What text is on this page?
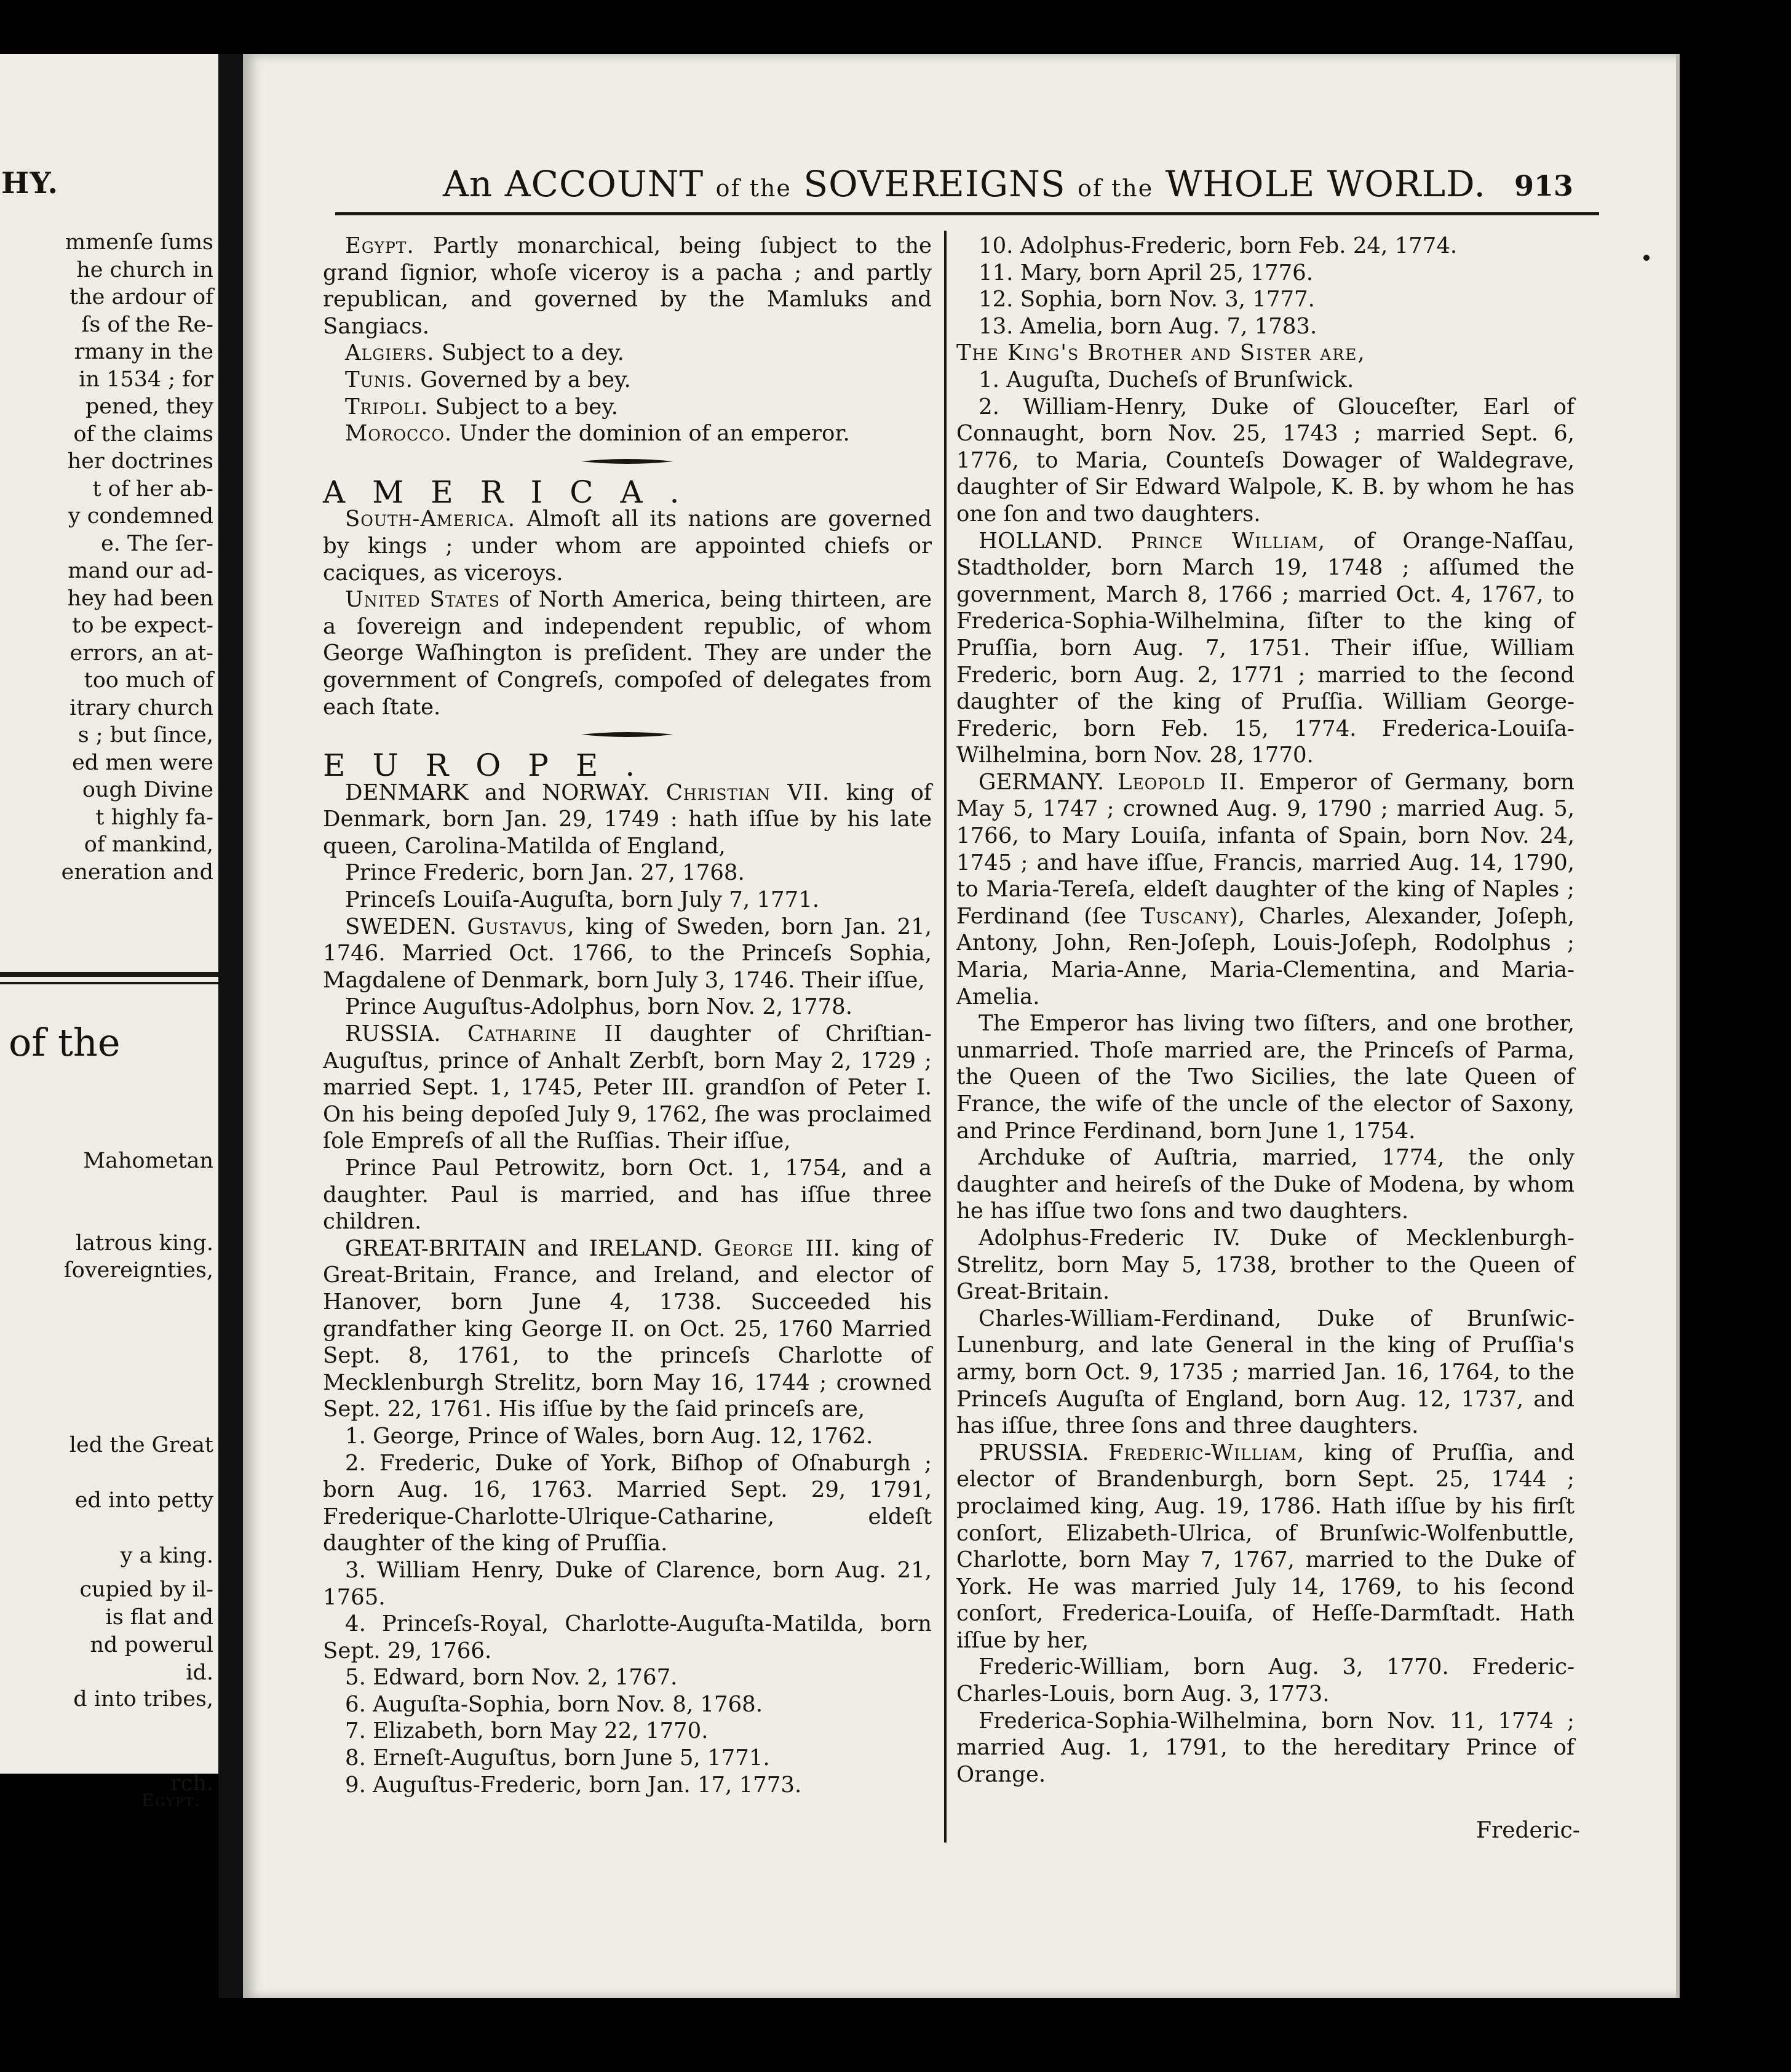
HY.
mmenſe ſums
he church in
the ardour of
ſs of the Re-
rmany in the
in 1534 ; for
pened, they
of the claims
her doctrines
t of her ab-
y condemned
e. The ſer-
mand our ad-
hey had been
to be expect-
errors, an at-
too much of
itrary church
s ; but ſince,
ed men were
ough Divine
t highly fa-
of mankind,
eneration and
of the
Mahometan
latrous king.
ſovereignties,
led the Great
ed into petty
y a king.
cupied by il-
is flat and
nd powerul
id.
d into tribes,
rch.
Egypt.
An ACCOUNT of the SOVEREIGNS of the WHOLE WORLD. 913

Egypt. Partly monarchical, being ſubject to the grand ſignior, whoſe viceroy is a pacha ; and partly republican, and governed by the Mamluks and Sangiacs.

Algiers. Subject to a dey.

Tunis. Governed by a bey.

Tripoli. Subject to a bey.

Morocco. Under the dominion of an emperor.

AMERICA.

South-America. Almoſt all its nations are governed by kings ; under whom are appointed chiefs or caciques, as viceroys.

United States of North America, being thirteen, are a ſovereign and independent republic, of whom George Waſhington is preſident. They are under the government of Congreſs, compoſed of delegates from each ſtate.

EUROPE.

DENMARK and NORWAY. Christian VII. king of Denmark, born Jan. 29, 1749 : hath iſſue by his late queen, Carolina-Matilda of England,

Prince Frederic, born Jan. 27, 1768.

Princeſs Louiſa-Auguſta, born July 7, 1771.

SWEDEN. Gustavus, king of Sweden, born Jan. 21, 1746. Married Oct. 1766, to the Princeſs Sophia, Magdalene of Denmark, born July 3, 1746. Their iſſue,

Prince Auguſtus-Adolphus, born Nov. 2, 1778.

RUSSIA. Catharine II daughter of Chriſtian-Auguſtus, prince of Anhalt Zerbſt, born May 2, 1729 ; married Sept. 1, 1745, Peter III. grandſon of Peter I. On his being depoſed July 9, 1762, ſhe was proclaimed ſole Empreſs of all the Ruſſias. Their iſſue,

Prince Paul Petrowitz, born Oct. 1, 1754, and a daughter. Paul is married, and has iſſue three children.

GREAT-BRITAIN and IRELAND. George III. king of Great-Britain, France, and Ireland, and elector of Hanover, born June 4, 1738. Succeeded his grandfather king George II. on Oct. 25, 1760 Married Sept. 8, 1761, to the princeſs Charlotte of Mecklenburgh Strelitz, born May 16, 1744 ; crowned Sept. 22, 1761. His iſſue by the ſaid princeſs are,

1. George, Prince of Wales, born Aug. 12, 1762.

2. Frederic, Duke of York, Biſhop of Oſnaburgh ; born Aug. 16, 1763. Married Sept. 29, 1791, Frederique-Charlotte-Ulrique-Catharine, eldeſt daughter of the king of Pruſſia.

3. William Henry, Duke of Clarence, born Aug. 21, 1765.

4. Princeſs-Royal, Charlotte-Auguſta-Matilda, born Sept. 29, 1766.

5. Edward, born Nov. 2, 1767.

6. Auguſta-Sophia, born Nov. 8, 1768.

7. Elizabeth, born May 22, 1770.

8. Erneſt-Auguſtus, born June 5, 1771.

9. Auguſtus-Frederic, born Jan. 17, 1773.

10. Adolphus-Frederic, born Feb. 24, 1774.

11. Mary, born April 25, 1776.

12. Sophia, born Nov. 3, 1777.

13. Amelia, born Aug. 7, 1783.

The King's Brother and Sister are,

1. Auguſta, Ducheſs of Brunſwick.

2. William-Henry, Duke of Glouceſter, Earl of Connaught, born Nov. 25, 1743 ; married Sept. 6, 1776, to Maria, Counteſs Dowager of Waldegrave, daughter of Sir Edward Walpole, K. B. by whom he has one ſon and two daughters.

HOLLAND. Prince William, of Orange-Naſſau, Stadtholder, born March 19, 1748 ; aſſumed the government, March 8, 1766 ; married Oct. 4, 1767, to Frederica-Sophia-Wilhelmina, ſiſter to the king of Pruſſia, born Aug. 7, 1751. Their iſſue, William Frederic, born Aug. 2, 1771 ; married to the ſecond daughter of the king of Pruſſia. William George-Frederic, born Feb. 15, 1774. Frederica-Louiſa-Wilhelmina, born Nov. 28, 1770.

GERMANY. Leopold II. Emperor of Germany, born May 5, 1747 ; crowned Aug. 9, 1790 ; married Aug. 5, 1766, to Mary Louiſa, infanta of Spain, born Nov. 24, 1745 ; and have iſſue, Francis, married Aug. 14, 1790, to Maria-Tereſa, eldeſt daughter of the king of Naples ; Ferdinand (ſee Tuscany), Charles, Alexander, Joſeph, Antony, John, Ren-Joſeph, Louis-Joſeph, Rodolphus ; Maria, Maria-Anne, Maria-Clementina, and Maria-Amelia.

The Emperor has living two ſiſters, and one brother, unmarried. Thoſe married are, the Princeſs of Parma, the Queen of the Two Sicilies, the late Queen of France, the wife of the uncle of the elector of Saxony, and Prince Ferdinand, born June 1, 1754.

Archduke of Auſtria, married, 1774, the only daughter and heireſs of the Duke of Modena, by whom he has iſſue two ſons and two daughters.

Adolphus-Frederic IV. Duke of Mecklenburgh-Strelitz, born May 5, 1738, brother to the Queen of Great-Britain.

Charles-William-Ferdinand, Duke of Brunſwic-Lunenburg, and late General in the king of Pruſſia's army, born Oct. 9, 1735 ; married Jan. 16, 1764, to the Princeſs Auguſta of England, born Aug. 12, 1737, and has iſſue, three ſons and three daughters.

PRUSSIA. Frederic-William, king of Pruſſia, and elector of Brandenburgh, born Sept. 25, 1744 ; proclaimed king, Aug. 19, 1786. Hath iſſue by his firſt conſort, Elizabeth-Ulrica, of Brunſwic-Wolfenbuttle, Charlotte, born May 7, 1767, married to the Duke of York. He was married July 14, 1769, to his ſecond conſort, Frederica-Louiſa, of Heſſe-Darmſtadt. Hath iſſue by her,

Frederic-William, born Aug. 3, 1770. Frederic-Charles-Louis, born Aug. 3, 1773.

Frederica-Sophia-Wilhelmina, born Nov. 11, 1774 ; married Aug. 1, 1791, to the hereditary Prince of Orange.

Frederic-
